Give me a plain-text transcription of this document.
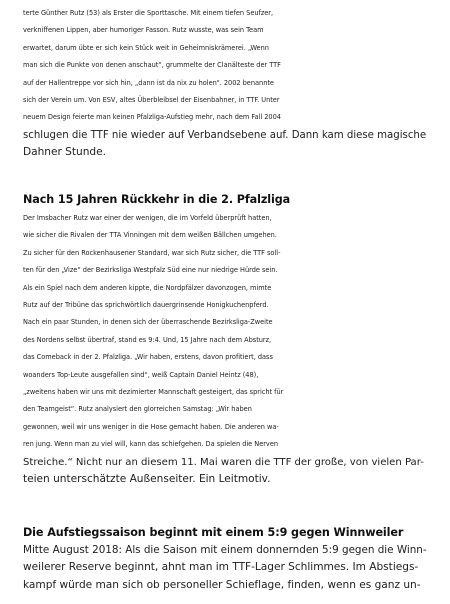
terte Günther Rutz (53) als Erster die Sporttasche. Mit einem tiefen Seufzer,
verkniffenen Lippen, aber humoriger Fasson. Rutz wusste, was sein Team
erwartet, darum übte er sich kein Stück weit in Geheimniskrämerei. „Wenn
man sich die Punkte von denen anschaut“, grummelte der Clanälteste der TTF
auf der Hallentreppe vor sich hin, „dann ist da nix zu holen“. 2002 benannte
sich der Verein um. Von ESV, altes Überbleibsel der Eisenbahner, in TTF. Unter
neuem Design feierte man keinen Pfalzliga-Aufstieg mehr, nach dem Fall 2004
schlugen die TTF nie wieder auf Verbandsebene auf. Dann kam diese magische
Dahner Stunde.
Nach 15 Jahren Rückkehr in die 2. Pfalzliga
Der Imsbacher Rutz war einer der wenigen, die im Vorfeld überprüft hatten,
wie sicher die Rivalen der TTA Vinningen mit dem weißen Bällchen umgehen.
Zu sicher für den Rockenhausener Standard, war sich Rutz sicher, die TTF soll-
ten für den „Vize“ der Bezirksliga Westpfalz Süd eine nur niedrige Hürde sein.
Als ein Spiel nach dem anderen kippte, die Nordpfälzer davonzogen, mimte
Rutz auf der Tribüne das sprichwörtlich dauergrinsende Honigkuchenpferd.
Nach ein paar Stunden, in denen sich der überraschende Bezirksliga-Zweite
des Nordens selbst übertraf, stand es 9:4. Und, 15 Jahre nach dem Absturz,
das Comeback in der 2. Pfalzliga. „Wir haben, erstens, davon profitiert, dass
woanders Top-Leute ausgefallen sind“, weiß Captain Daniel Heintz (48),
„zweitens haben wir uns mit dezimierter Mannschaft gesteigert, das spricht für
den Teamgeist“. Rutz analysiert den glorreichen Samstag: „Wir haben
gewonnen, weil wir uns weniger in die Hose gemacht haben. Die anderen wa-
ren jung. Wenn man zu viel will, kann das schiefgehen. Da spielen die Nerven
Streiche.“ Nicht nur an diesem 11. Mai waren die TTF der große, von vielen Par-
teien unterschätzte Außenseiter. Ein Leitmotiv.
Die Aufstiegssaison beginnt mit einem 5:9 gegen Winnweiler
Mitte August 2018: Als die Saison mit einem donnernden 5:9 gegen die Winn-
weilerer Reserve beginnt, ahnt man im TTF-Lager Schlimmes. Im Abstiegs-
kampf würde man sich ob personeller Schieflage, finden, wenn es ganz un-
